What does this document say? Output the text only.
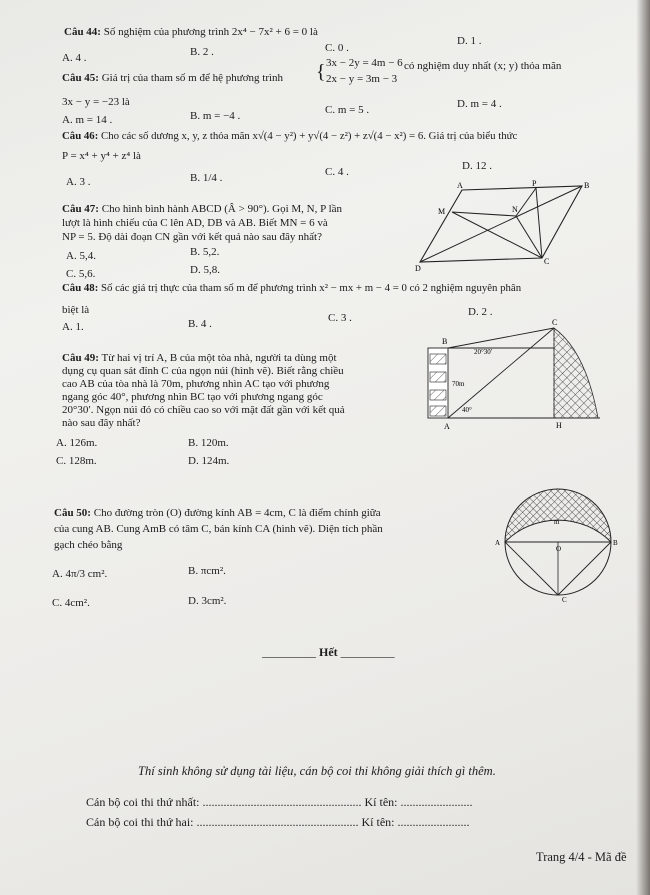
Câu 44: Số nghiệm của phương trình 2x⁴ − 7x² + 6 = 0 là
A. 4 .	B. 2 .	C. 0 .
D. 1 .
Câu 45: Giá trị của tham số m để hệ phương trình { 3x − 2y = 4m − 6
2x − y = 3m − 3
có nghiệm duy nhất (x; y) thỏa mãn
3x − y = −23 là
A. m = 14 .	B. m = −4 .	C. m = 5 .	D. m = 4 .
Câu 46: Cho các số dương x, y, z thỏa mãn x√(4 − y²) + y√(4 − z²) + z√(4 − x²) = 6. Giá trị của biểu thức
P = x⁴ + y⁴ + z⁴ là
A. 3 .	B. 1/4 .	C. 4 .	D. 12 .
Câu 47: Cho hình bình hành ABCD (Â > 90°). Gọi M, N, P lần
lượt là hình chiếu của C lên AD, DB và AB. Biết MN = 6 và
NP = 5. Độ dài đoạn CN gần với kết quả nào sau đây nhất?
A. 5,4.	B. 5,2.
C. 5,6.	D. 5,8.
A	P	B
M	N
D
C
Câu 48: Số các giá trị thực của tham số m để phương trình x² − mx + m − 4 = 0 có 2 nghiệm nguyên phân
biệt là
A. 1.	B. 4 .	C. 3 .	D. 2 .
Câu 49: Từ hai vị trí A, B của một tòa nhà, người ta dùng một
dụng cụ quan sát đỉnh C của ngọn núi (hình vẽ). Biết rằng chiều
cao AB của tòa nhà là 70m, phương nhìn AC tạo với phương
ngang góc 40°, phương nhìn BC tạo với phương ngang góc
20°30′. Ngọn núi đó có chiều cao so với mặt đất gần với kết quả
nào sau đây nhất?
A. 126m.	B. 120m.
C. 128m.	D. 124m.
B
C
20°30'
70m
40°
A	H
Câu 50: Cho đường tròn (O) đường kính AB = 4cm, C là điểm chính giữa
của cung AB. Cung AmB có tâm C, bán kính CA (hình vẽ). Diện tích phần
gạch chéo bằng
A. 4π/3 cm².	B. πcm².
C. 4cm².	D. 3cm².
m
A
O
B
C
_________ Hết _________
Thí sinh không sử dụng tài liệu, cán bộ coi thi không giải thích gì thêm.
Cán bộ coi thi thứ nhất: ..................................................... Kí tên: ........................
Cán bộ coi thi thứ hai: ...................................................... Kí tên: ........................
Trang 4/4 - Mã đề
